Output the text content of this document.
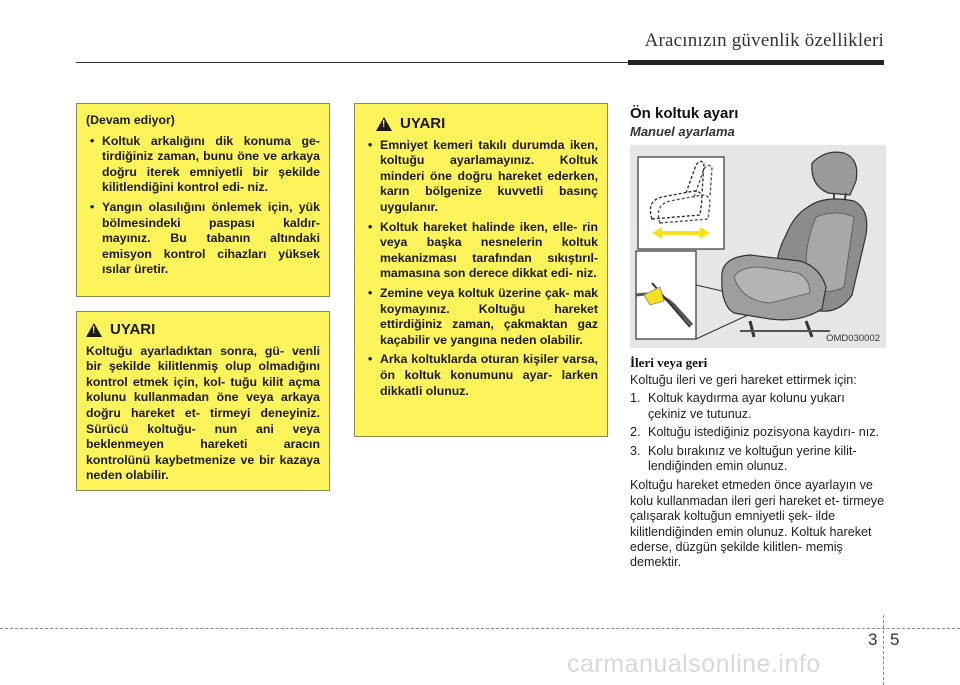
Aracınızın güvenlik özellikleri
(Devam ediyor)
• Koltuk arkalığını dik konuma ge- tirdiğiniz zaman, bunu öne ve arkaya doğru iterek emniyetli bir şekilde kilitlendiğini kontrol edi- niz.
• Yangın olasılığını önlemek için, yük bölmesindeki paspası kaldır- mayınız. Bu tabanın altındaki emisyon kontrol cihazları yüksek ısılar üretir.
! UYARI
Koltuğu ayarladıktan sonra, gü- venli bir şekilde kilitlenmiş olup olmadığını kontrol etmek için, kol- tuğu kilit açma kolunu kullanmadan öne veya arkaya doğru hareket et- tirmeyi deneyiniz. Sürücü koltuğu- nun ani veya beklenmeyen hareketi aracın kontrolünü kaybetmenize ve bir kazaya neden olabilir.
! UYARI
• Emniyet kemeri takılı durumda iken, koltuğu ayarlamayınız. Koltuk minderi öne doğru hareket ederken, karın bölgenize kuvvetli basınç uygulanır.
• Koltuk hareket halinde iken, elle- rin veya başka nesnelerin koltuk mekanizması tarafından sıkıştırıl- mamasına son derece dikkat edi- niz.
• Zemine veya koltuk üzerine çak- mak koymayınız. Koltuğu hareket ettirdiğiniz zaman, çakmaktan gaz kaçabilir ve yangına neden olabilir.
• Arka koltuklarda oturan kişiler varsa, ön koltuk konumunu ayar- larken dikkatli olunuz.
Ön koltuk ayarı
Manuel ayarlama
OMD030002
İleri veya geri

Koltuğu ileri ve geri hareket ettirmek için:

1. Koltuk kaydırma ayar kolunu yukarı çekiniz ve tutunuz.
2. Koltuğu istediğiniz pozisyona kaydırı- nız.
3. Kolu bırakınız ve koltuğun yerine kilit- lendiğinden emin olunuz.

Koltuğu hareket etmeden önce ayarlayın ve kolu kullanmadan ileri geri hareket et- tirmeye çalışarak koltuğun emniyetli şek- ilde kilitlendiğinden emin olunuz. Koltuk hareket ederse, düzgün şekilde kilitlen- memiş demektir.

3 5
carmanualsonline.info
